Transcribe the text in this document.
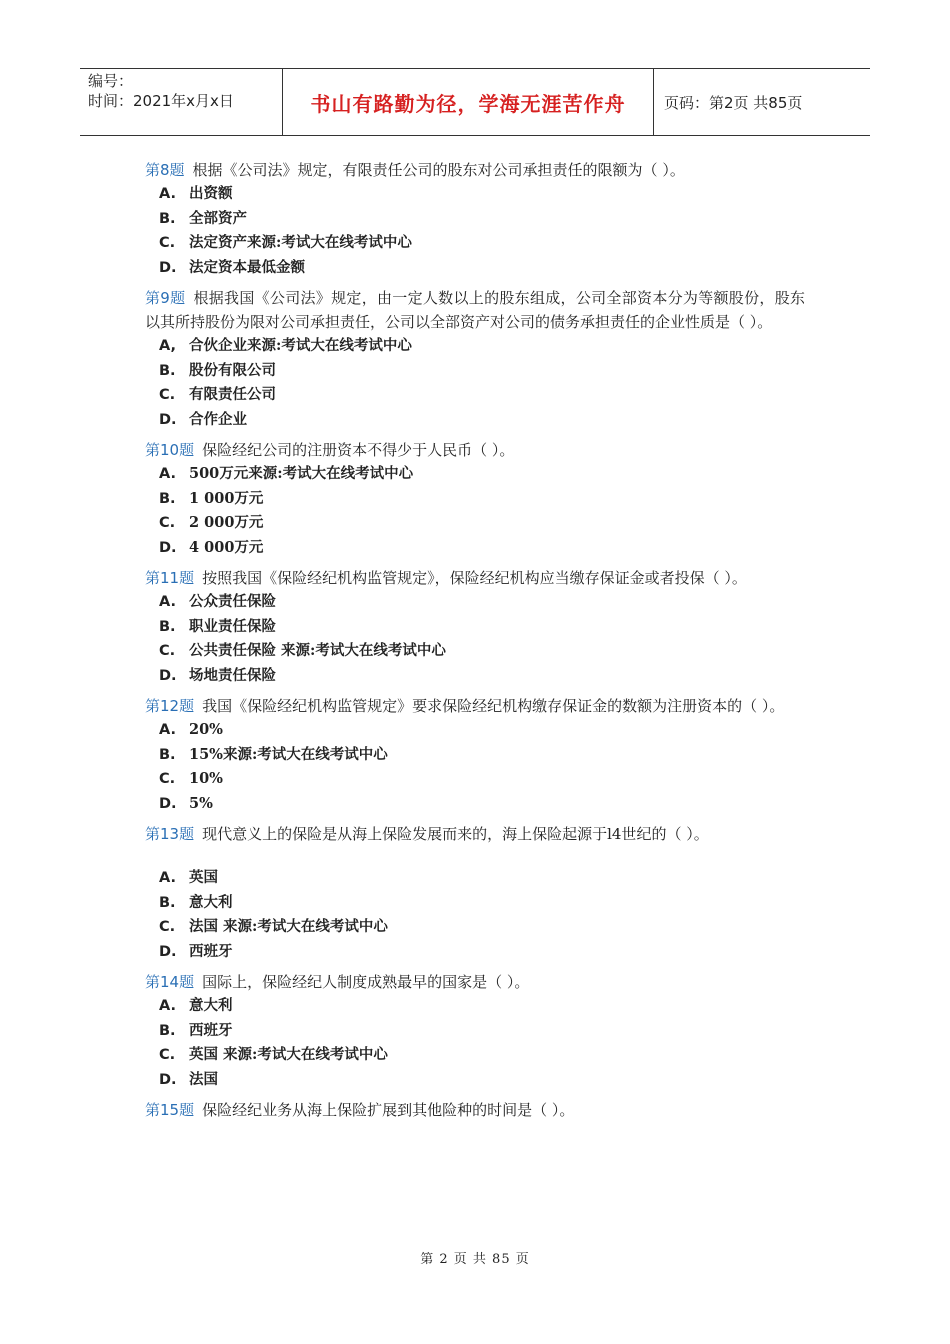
编号：
时间：2021年x月x日	书山有路勤为径，学海无涯苦作舟	页码：第2页 共85页
第8题 根据《公司法》规定，有限责任公司的股东对公司承担责任的限额为（ ）。
A. 出资额
B. 全部资产
C. 法定资产来源:考试大在线考试中心
D. 法定资本最低金额
第9题 根据我国《公司法》规定，由一定人数以上的股东组成，公司全部资本分为等额股份，股东以其所持股份为限对公司承担责任，公司以全部资产对公司的债务承担责任的企业性质是（ ）。
A, 合伙企业来源:考试大在线考试中心
B. 股份有限公司
C. 有限责任公司
D. 合作企业
第10题 保险经纪公司的注册资本不得少于人民币（ ）。
A. 500万元来源:考试大在线考试中心
B. 1 000万元
C. 2 000万元
D. 4 000万元
第11题 按照我国《保险经纪机构监管规定》，保险经纪机构应当缴存保证金或者投保（ ）。
A. 公众责任保险
B. 职业责任保险
C. 公共责任保险 来源:考试大在线考试中心
D. 场地责任保险
第12题 我国《保险经纪机构监管规定》要求保险经纪机构缴存保证金的数额为注册资本的（ ）。
A. 20%
B. 15%来源:考试大在线考试中心
C. 10%
D. 5%
第13题 现代意义上的保险是从海上保险发展而来的，海上保险起源于l4世纪的（ ）。
A. 英国
B. 意大利
C. 法国 来源:考试大在线考试中心
D. 西班牙
第14题 国际上，保险经纪人制度成熟最早的国家是（ ）。
A. 意大利
B. 西班牙
C. 英国 来源:考试大在线考试中心
D. 法国
第15题 保险经纪业务从海上保险扩展到其他险种的时间是（ ）。
第 2 页 共 85 页
